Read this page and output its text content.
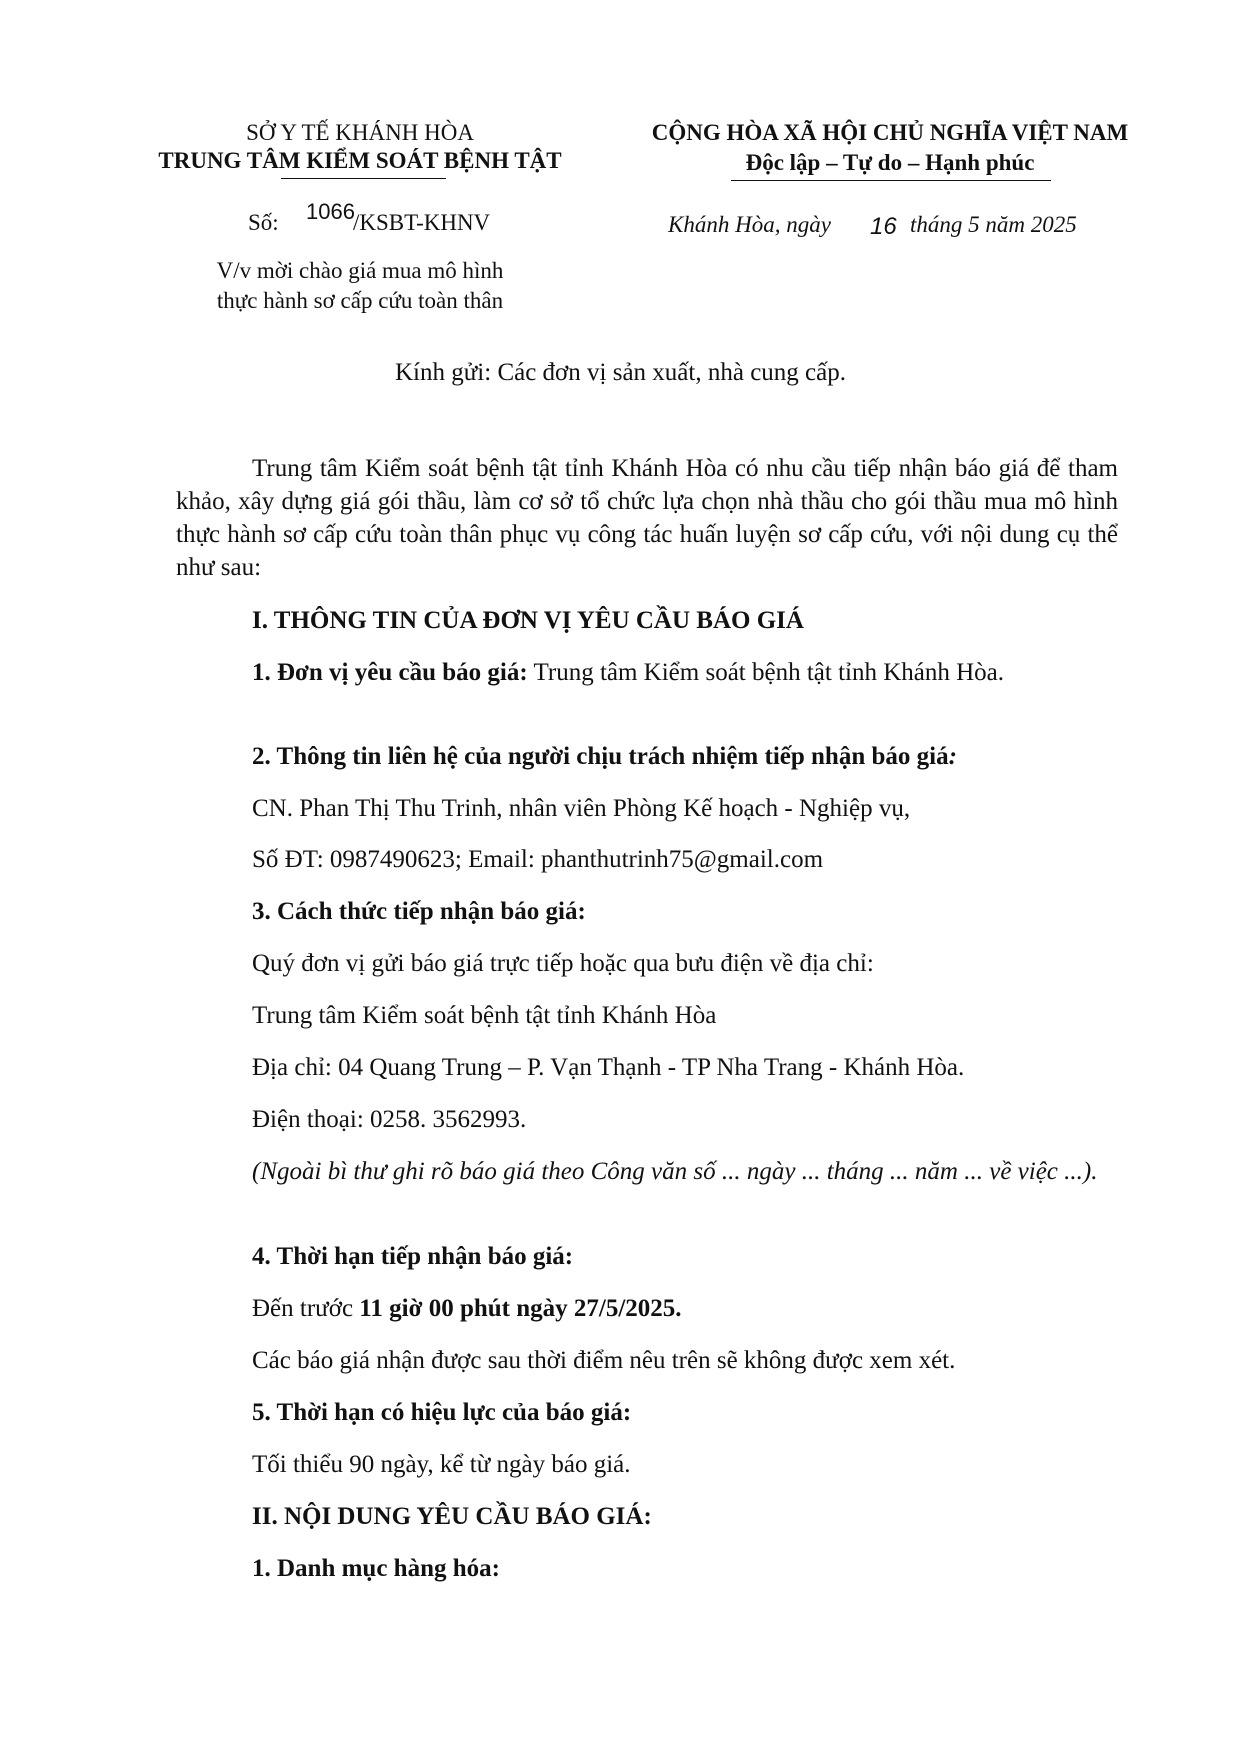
SỞ Y TẾ KHÁNH HÒA
TRUNG TÂM KIỂM SOÁT BỆNH TẬT
Số: 1066
/KSBT-KHNV
V/v mời chào giá mua mô hình
thực hành sơ cấp cứu toàn thân
CỘNG HÒA XÃ HỘI CHỦ NGHĨA VIỆT NAM
Độc lập – Tự do – Hạnh phúc
Khánh Hòa, ngày 16 tháng 5 năm 2025
Kính gửi: Các đơn vị sản xuất, nhà cung cấp.
Trung tâm Kiểm soát bệnh tật tỉnh Khánh Hòa có nhu cầu tiếp nhận báo giá để tham khảo, xây dựng giá gói thầu, làm cơ sở tổ chức lựa chọn nhà thầu cho gói thầu mua mô hình thực hành sơ cấp cứu toàn thân phục vụ công tác huấn luyện sơ cấp cứu, với nội dung cụ thể như sau:
I. THÔNG TIN CỦA ĐƠN VỊ YÊU CẦU BÁO GIÁ
1. Đơn vị yêu cầu báo giá: Trung tâm Kiểm soát bệnh tật tỉnh Khánh Hòa.
2. Thông tin liên hệ của người chịu trách nhiệm tiếp nhận báo giá:
CN. Phan Thị Thu Trinh, nhân viên Phòng Kế hoạch - Nghiệp vụ,
Số ĐT: 0987490623; Email: phanthutrinh75@gmail.com
3. Cách thức tiếp nhận báo giá:
Quý đơn vị gửi báo giá trực tiếp hoặc qua bưu điện về địa chỉ:
Trung tâm Kiểm soát bệnh tật tỉnh Khánh Hòa
Địa chỉ: 04 Quang Trung – P. Vạn Thạnh - TP Nha Trang - Khánh Hòa.
Điện thoại: 0258. 3562993.
(Ngoài bì thư ghi rõ báo giá theo Công văn số ... ngày ... tháng ... năm ... về việc ...).
4. Thời hạn tiếp nhận báo giá:
Đến trước 11 giờ 00 phút ngày 27/5/2025.
Các báo giá nhận được sau thời điểm nêu trên sẽ không được xem xét.
5. Thời hạn có hiệu lực của báo giá:
Tối thiểu 90 ngày, kể từ ngày báo giá.
II. NỘI DUNG YÊU CẦU BÁO GIÁ:
1. Danh mục hàng hóa:
